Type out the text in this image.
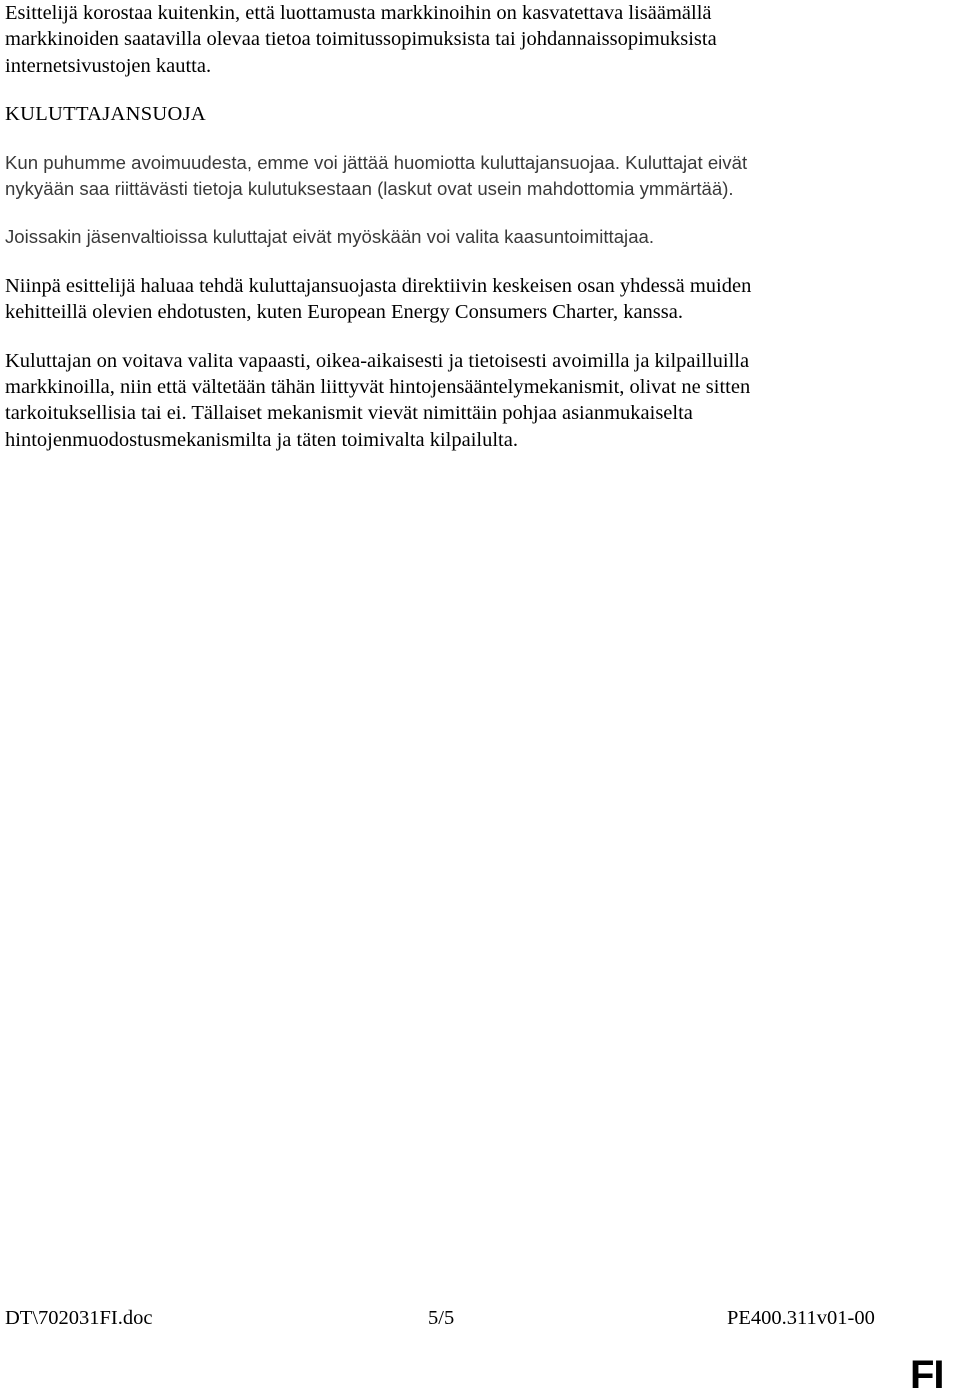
Esittelijä korostaa kuitenkin, että luottamusta markkinoihin on kasvatettava lisäämällä
markkinoiden saatavilla olevaa tietoa toimitussopimuksista tai johdannaissopimuksista
internetsivustojen kautta.

KULUTTAJANSUOJA

Kun puhumme avoimuudesta, emme voi jättää huomiotta kuluttajansuojaa. Kuluttajat eivät
nykyään saa riittävästi tietoja kulutuksestaan (laskut ovat usein mahdottomia ymmärtää).

Joissakin jäsenvaltioissa kuluttajat eivät myöskään voi valita kaasuntoimittajaa.

Niinpä esittelijä haluaa tehdä kuluttajansuojasta direktiivin keskeisen osan yhdessä muiden
kehitteillä olevien ehdotusten, kuten European Energy Consumers Charter, kanssa.

Kuluttajan on voitava valita vapaasti, oikea-aikaisesti ja tietoisesti avoimilla ja kilpailluilla
markkinoilla, niin että vältetään tähän liittyvät hintojensääntelymekanismit, olivat ne sitten
tarkoituksellisia tai ei. Tällaiset mekanismit vievät nimittäin pohjaa asianmukaiselta
hintojenmuodostusmekanismilta ja täten toimivalta kilpailulta.

DT\702031FI.doc	5/5	PE400.311v01-00
FI
